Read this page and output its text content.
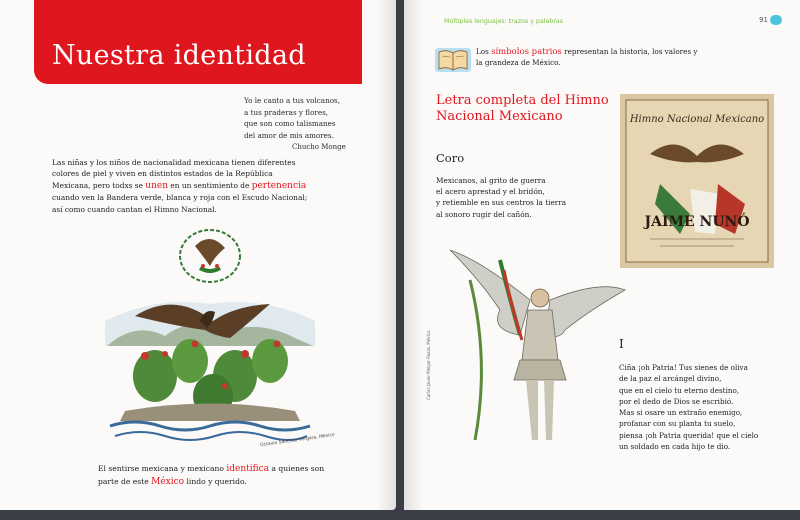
Nuestra identidad
Yo le canto a tus volcanos,
a tus praderas y flores,
que son como talismanes
del amor de mis amores.
Chucho Monge
Las niñas y los niños de nacionalidad mexicana tienen diferentes colores de piel y viven en distintos estados de la República Mexicana, pero todxs se unen en un sentimiento de pertenencia cuando ven la Bandera verde, blanca y roja con el Escudo Nacional; así como cuando cantan el Himno Nacional.
Octavio Sánchez Vergara, México
El sentirse mexicana y mexicano identifica a quienes son parte de este México lindo y querido.
Múltiples lenguajes: trazos y palabras	91
Los símbolos patrios representan la historia, los valores y la grandeza de México.
Letra completa del Himno Nacional Mexicano
Coro
Mexicanos, al grito de guerra
el acero aprestad y el bridón,
y retiemble en sus centros la tierra
al sonoro rugir del cañón.
Himno Nacional Mexicano
JAIME NUNÓ
Carlos Javier Melgar Rosas, México	I
Ciña ¡oh Patria! Tus sienes de oliva
de la paz el arcángel divino,
que en el cielo tu eterno destino,
por el dedo de Dios se escribió.
Mas si osare un extraño enemigo,
profanar con su planta tu suelo,
piensa ¡oh Patria querida! que el cielo
un soldado en cada hijo te dio.
